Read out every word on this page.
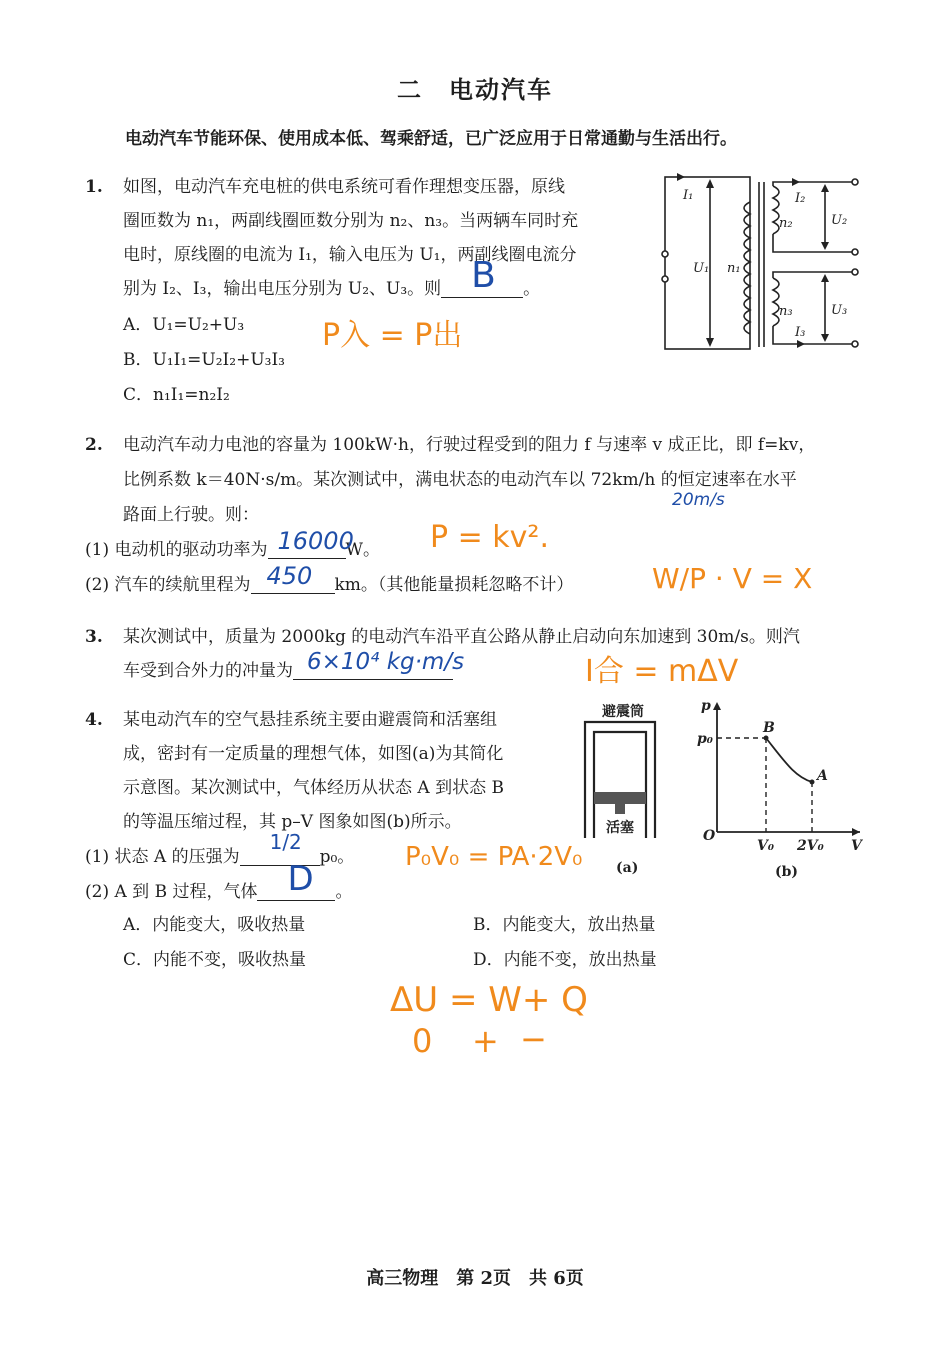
二　电动汽车
电动汽车节能环保、使用成本低、驾乘舒适，已广泛应用于日常通勤与生活出行。
1. 如图，电动汽车充电桩的供电系统可看作理想变压器，原线
圈匝数为 n₁，两副线圈匝数分别为 n₂、n₃。当两辆车同时充
电时，原线圈的电流为 I₁，输入电压为 U₁，两副线圈电流分
别为 I₂、I₃，输出电压分别为 U₂、U₃。则 B 。
A．U₁=U₂+U₃
B．U₁I₁=U₂I₂+U₃I₃
C．n₁I₁=n₂I₂
P入 = P出
I₁
U₁ n₁
I₂
n₂	U₂
n₃
I₃
U₃
2. 电动汽车动力电池的容量为 100kW·h，行驶过程受到的阻力 f 与速率 v 成正比，即 f=kv，
比例系数 k＝40N·s/m。某次测试中，满电状态的电动汽车以 72km/h 的恒定速率在水平
路面上行驶。则：
20m/s
(1) 电动机的驱动功率为 16000
W。 P = kv².
(2) 汽车的续航里程为 450 km。（其他能量损耗忽略不计）	W/P · V = X
3. 某次测试中，质量为 2000kg 的电动汽车沿平直公路从静止启动向东加速到 30m/s。则汽
车受到合外力的冲量为 6×10⁴ kg·m/s	I合 = mΔV
4. 某电动汽车的空气悬挂系统主要由避震筒和活塞组
成，密封有一定质量的理想气体，如图(a)为其简化
示意图。某次测试中，气体经历从状态 A 到状态 B
的等温压缩过程，其 p–V 图象如图(b)所示。
(1) 状态 A 的压强为
1/2
p₀。 P₀V₀ = PA·2V₀
(2) A 到 B 过程，气体 D 。
A．内能变大，吸收热量	B．内能变大，放出热量
C．内能不变，吸收热量	D．内能不变，放出热量
避震筒
活塞
(a)
p
V
p₀
V₀ 2V₀
O
B
A
(b)
ΔU = W+ Q
0 + −
高三物理　第 2页　共 6页
